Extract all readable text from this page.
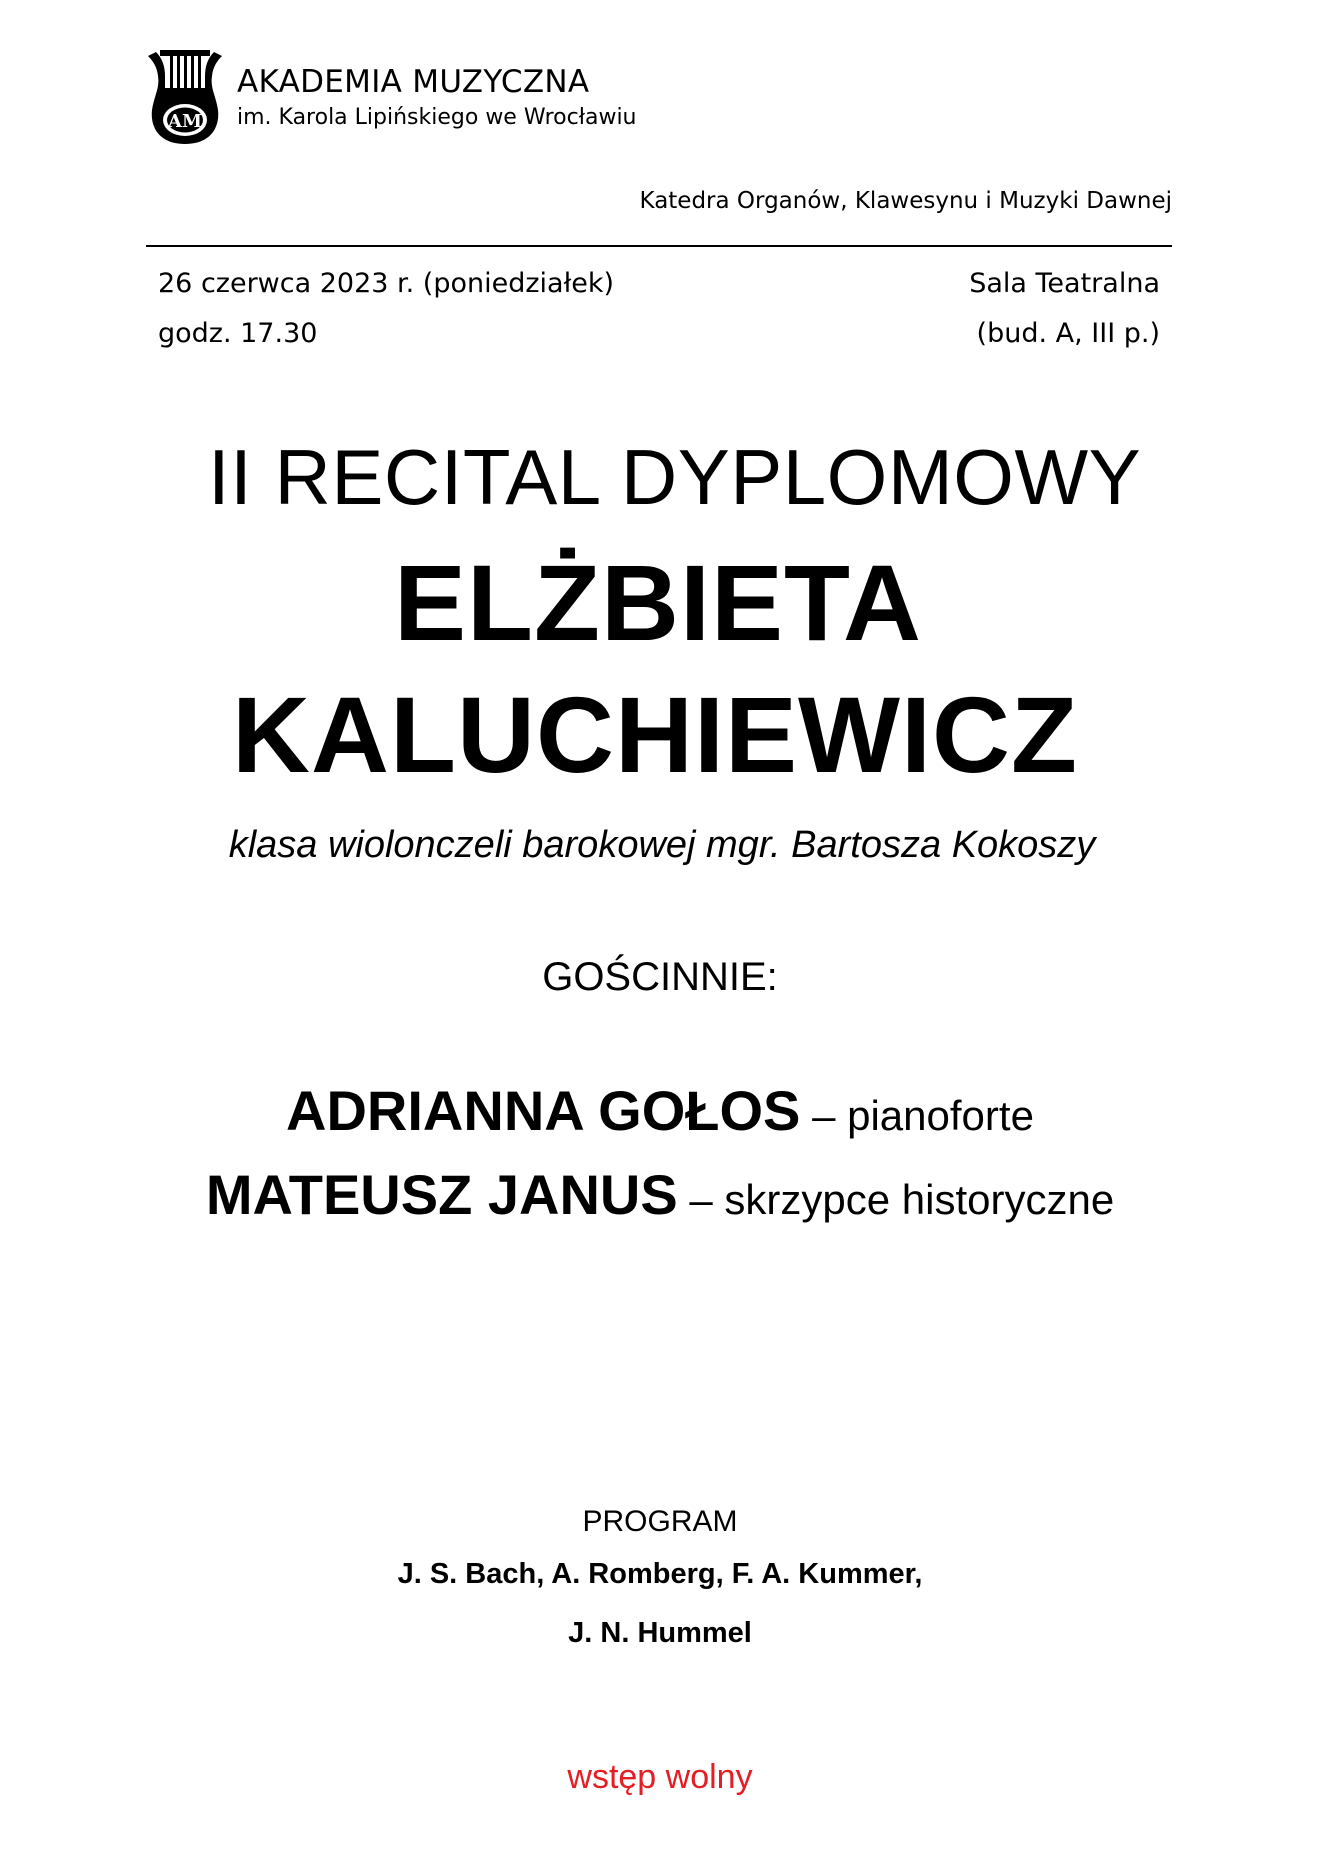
AM
AKADEMIA MUZYCZNA
im. Karola Lipińskiego we Wrocławiu
Katedra Organów, Klawesynu i Muzyki Dawnej
26 czerwca 2023 r. (poniedziałek)
godz. 17.30
Sala Teatralna
(bud. A, III p.)
II RECITAL DYPLOMOWY
ELŻBIETA
KALUCHIEWICZ
klasa wiolonczeli barokowej mgr. Bartosza Kokoszy
GOŚCINNIE:
ADRIANNA GOŁOS – pianoforte
MATEUSZ JANUS – skrzypce historyczne
PROGRAM
J. S. Bach, A. Romberg, F. A. Kummer,
J. N. Hummel
wstęp wolny
